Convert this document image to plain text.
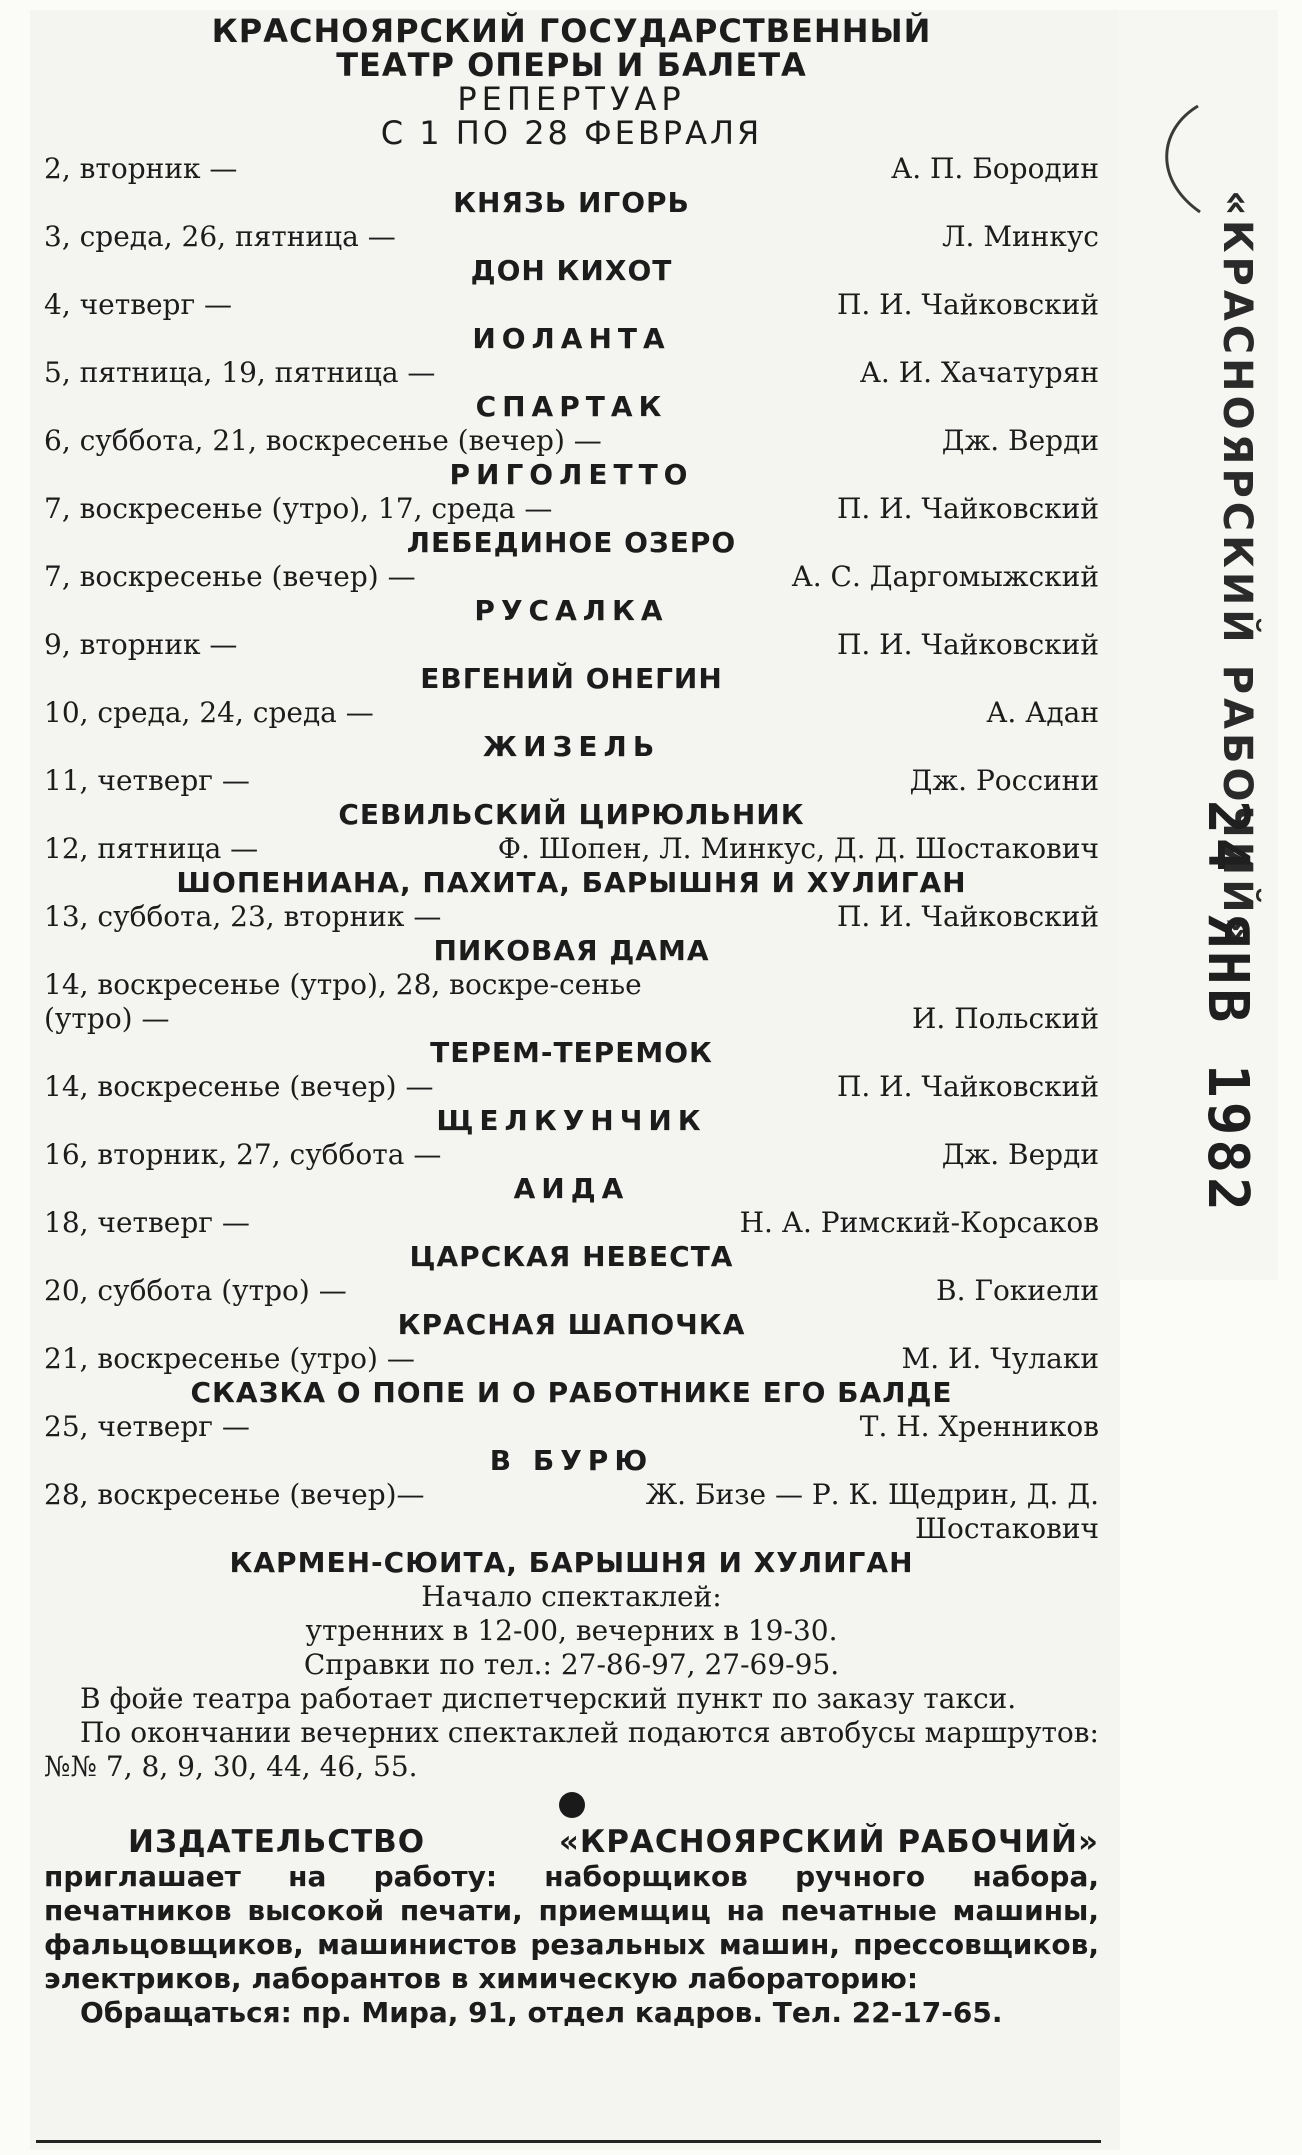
КРАСНОЯРСКИЙ ГОСУДАРСТВЕННЫЙ
ТЕАТР ОПЕРЫ И БАЛЕТА
РЕПЕРТУАР
С 1 ПО 28 ФЕВРАЛЯ
2, вторник —	А. П. Бородин
КНЯЗЬ ИГОРЬ
3, среда, 26, пятница —	Л. Минкус
ДОН КИХОТ
4, четверг —	П. И. Чайковский
ИОЛАНТА
5, пятница, 19, пятница —	А. И. Хачатурян
СПАРТАК
6, суббота, 21, воскресенье (вечер) —	Дж. Верди
РИГОЛЕТТО
7, воскресенье (утро), 17, среда —	П. И. Чайковский
ЛЕБЕДИНОЕ ОЗЕРО
7, воскресенье (вечер) —	А. С. Даргомыжский
РУСАЛКА
9, вторник —	П. И. Чайковский
ЕВГЕНИЙ ОНЕГИН
10, среда, 24, среда —	А. Адан
ЖИЗЕЛЬ
11, четверг —	Дж. Россини
СЕВИЛЬСКИЙ ЦИРЮЛЬНИК
12, пятница —	Ф. Шопен, Л. Минкус, Д. Д. Шостакович
ШОПЕНИАНА, ПАХИТА, БАРЫШНЯ И ХУЛИГАН
13, суббота, 23, вторник —	П. И. Чайковский
ПИКОВАЯ ДАМА
14, воскресенье (утро), 28, воскре-сенье (утро) —	И. Польский
ТЕРЕМ-ТЕРЕМОК
14, воскресенье (вечер) —	П. И. Чайковский
ЩЕЛКУНЧИК
16, вторник, 27, суббота —	Дж. Верди
АИДА
18, четверг —	Н. А. Римский-Корсаков
ЦАРСКАЯ НЕВЕСТА
20, суббота (утро) —	В. Гокиели
КРАСНАЯ ШАПОЧКА
21, воскресенье (утро) —	М. И. Чулаки
СКАЗКА О ПОПЕ И О РАБОТНИКЕ ЕГО БАЛДЕ
25, четверг —	Т. Н. Хренников
В БУРЮ
28, воскресенье (вечер)—	Ж. Бизе — Р. К. Щедрин, Д. Д. Шостакович
КАРМЕН-СЮИТА, БАРЫШНЯ И ХУЛИГАН
Начало спектаклей:
утренних в 12-00, вечерних в 19-30.
Справки по тел.: 27-86-97, 27-69-95.

В фойе театра работает диспетчерский пункт по заказу такси.

По окончании вечерних спектаклей подаются автобусы маршрутов: №№ 7, 8, 9, 30, 44, 46, 55.

ИЗДАТЕЛЬСТВО	«КРАСНОЯРСКИЙ РАБОЧИЙ»

приглашает на работу: наборщиков ручного набора, печатников высокой печати, приемщиц на печатные машины, фальцовщиков, машинистов резальных машин, прессовщиков, электриков, лаборантов в химическую лабораторию:

Обращаться: пр. Мира, 91, отдел кадров. Тел. 22-17-65.

«КРАСНОЯРСКИЙ РАБОЧИЙ»
24 ЯНВ 1982
